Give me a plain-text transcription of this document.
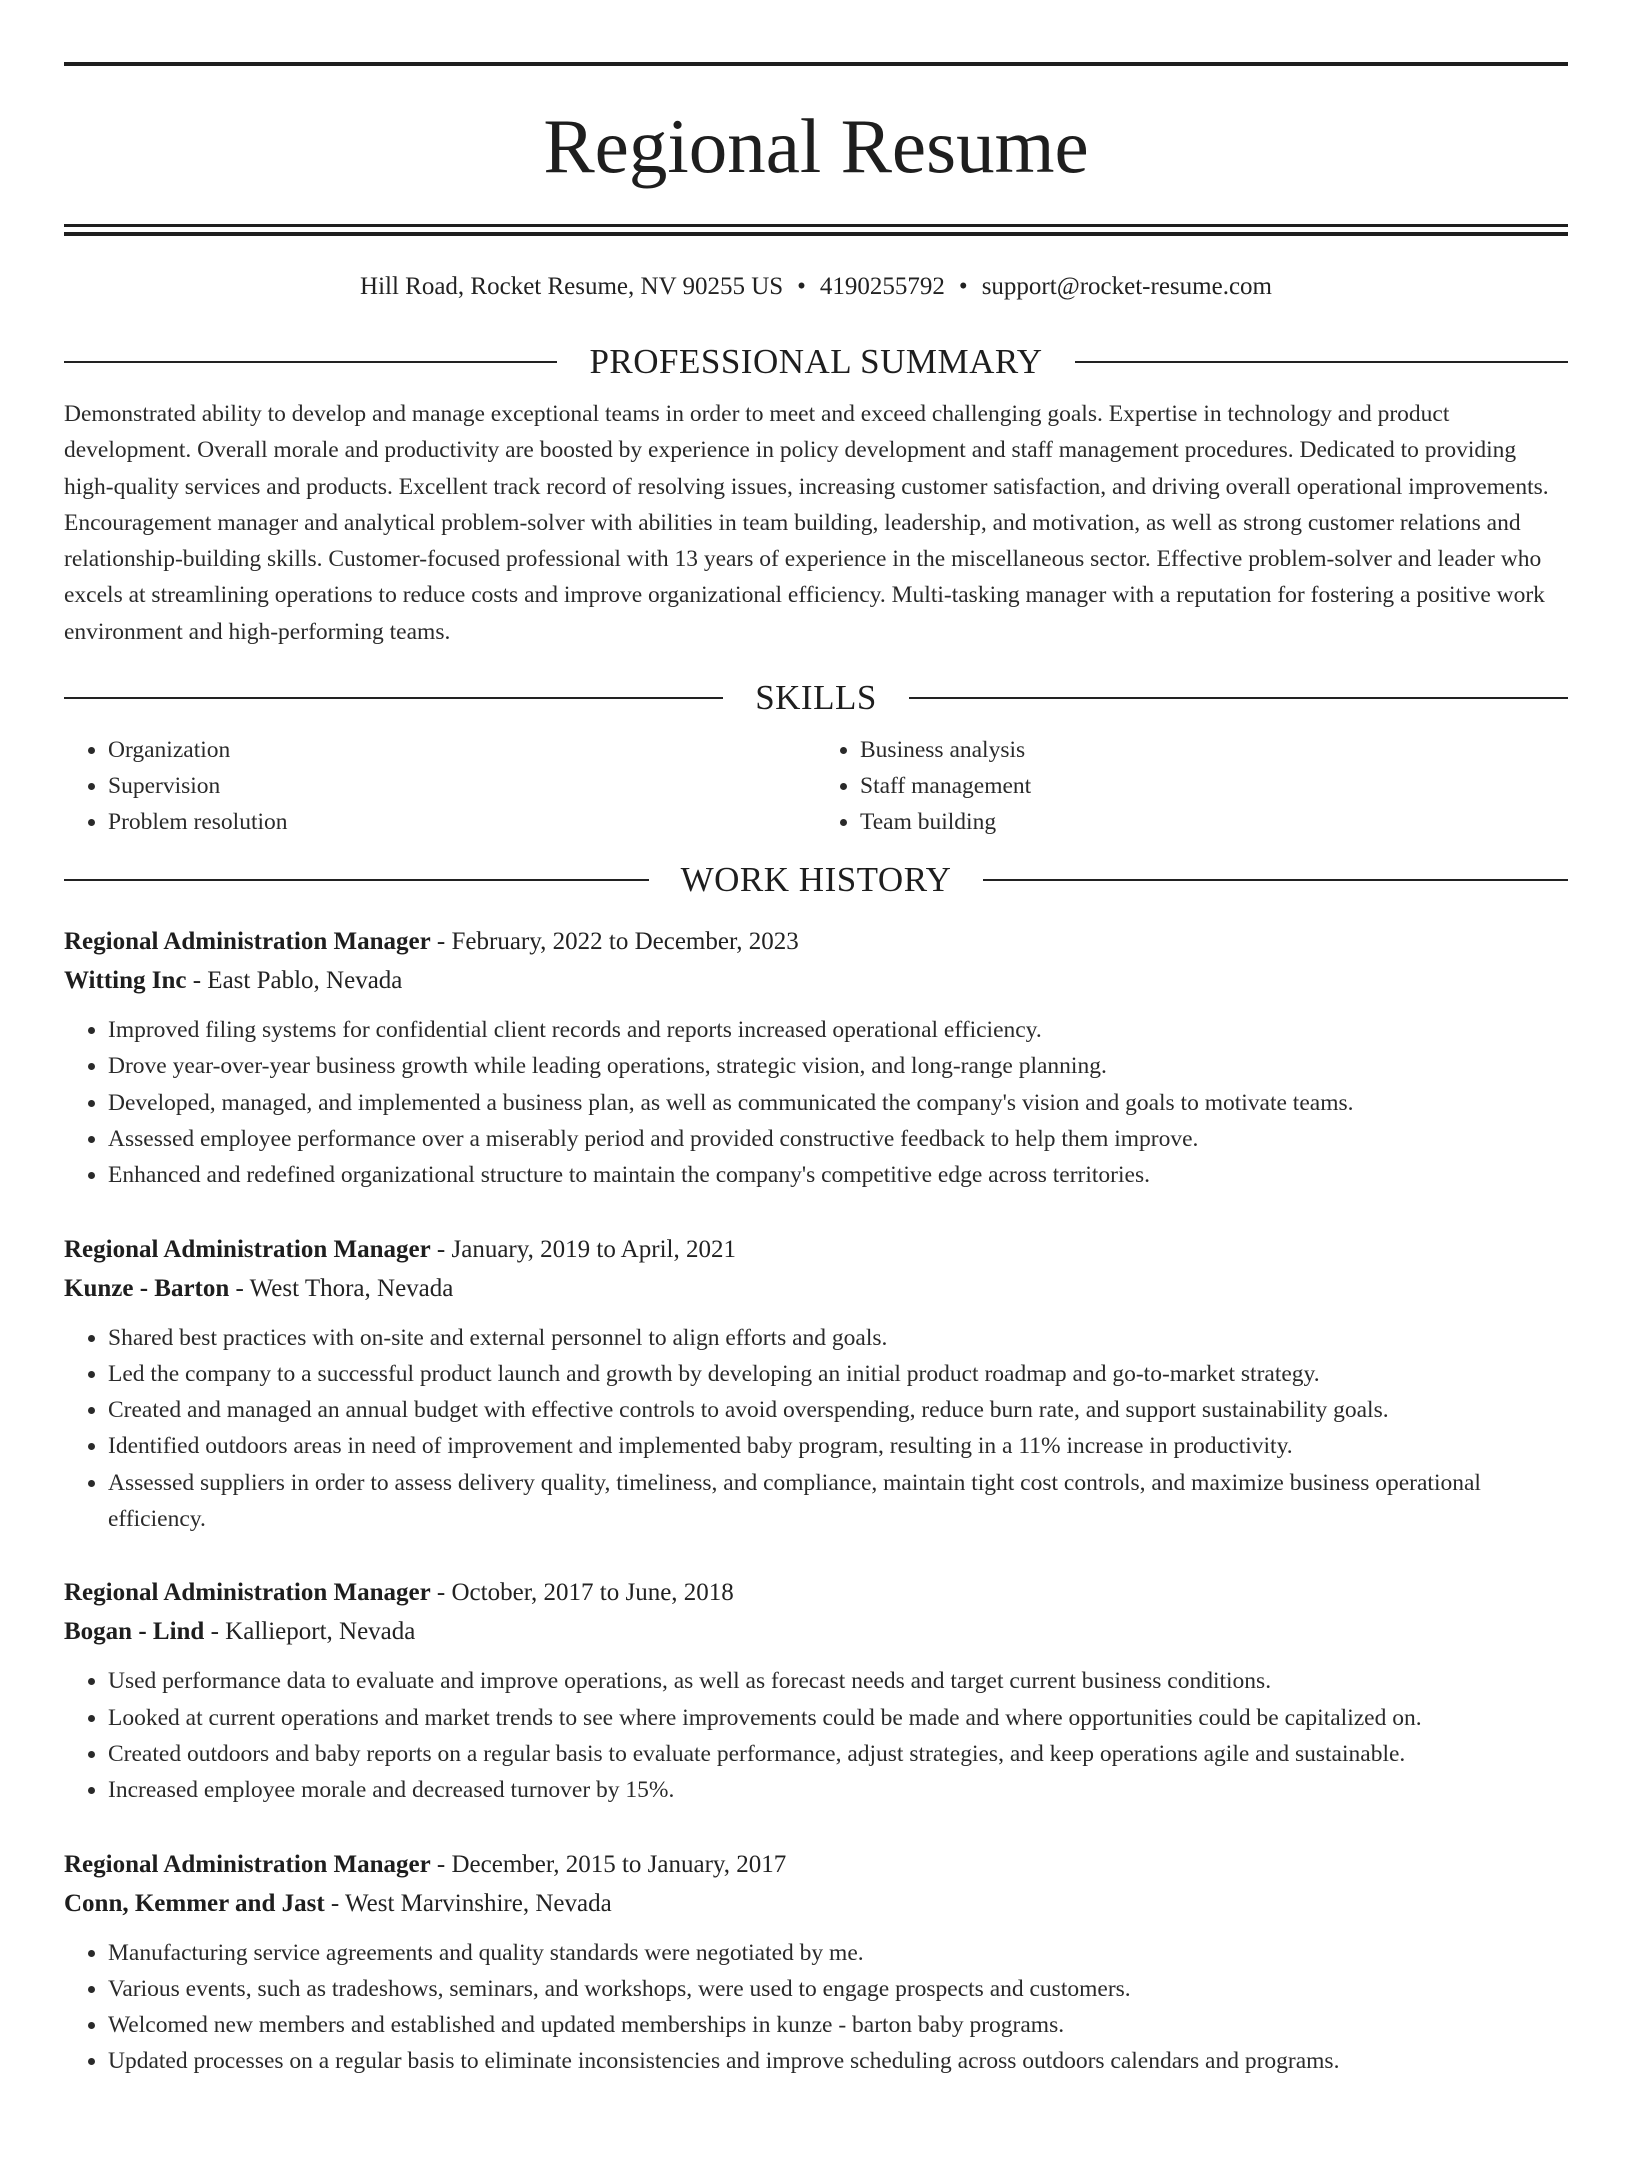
Regional Resume
Hill Road, Rocket Resume, NV 90255 US • 4190255792 • support@rocket-resume.com
PROFESSIONAL SUMMARY

Demonstrated ability to develop and manage exceptional teams in order to meet and exceed challenging goals. Expertise in technology and product development. Overall morale and productivity are boosted by experience in policy development and staff management procedures. Dedicated to providing high-quality services and products. Excellent track record of resolving issues, increasing customer satisfaction, and driving overall operational improvements. Encouragement manager and analytical problem-solver with abilities in team building, leadership, and motivation, as well as strong customer relations and relationship-building skills. Customer-focused professional with 13 years of experience in the miscellaneous sector. Effective problem-solver and leader who excels at streamlining operations to reduce costs and improve organizational efficiency. Multi-tasking manager with a reputation for fostering a positive work environment and high-performing teams.

SKILLS
• Organization
• Supervision
• Problem resolution
• Business analysis
• Staff management
• Team building
WORK HISTORY
Regional Administration Manager - February, 2022 to December, 2023
Witting Inc - East Pablo, Nevada
• Improved filing systems for confidential client records and reports increased operational efficiency.
• Drove year-over-year business growth while leading operations, strategic vision, and long-range planning.
• Developed, managed, and implemented a business plan, as well as communicated the company's vision and goals to motivate teams.
• Assessed employee performance over a miserably period and provided constructive feedback to help them improve.
• Enhanced and redefined organizational structure to maintain the company's competitive edge across territories.
Regional Administration Manager - January, 2019 to April, 2021
Kunze - Barton - West Thora, Nevada
• Shared best practices with on-site and external personnel to align efforts and goals.
• Led the company to a successful product launch and growth by developing an initial product roadmap and go-to-market strategy.
• Created and managed an annual budget with effective controls to avoid overspending, reduce burn rate, and support sustainability goals.
• Identified outdoors areas in need of improvement and implemented baby program, resulting in a 11% increase in productivity.
• Assessed suppliers in order to assess delivery quality, timeliness, and compliance, maintain tight cost controls, and maximize business operational efficiency.
Regional Administration Manager - October, 2017 to June, 2018
Bogan - Lind - Kallieport, Nevada
• Used performance data to evaluate and improve operations, as well as forecast needs and target current business conditions.
• Looked at current operations and market trends to see where improvements could be made and where opportunities could be capitalized on.
• Created outdoors and baby reports on a regular basis to evaluate performance, adjust strategies, and keep operations agile and sustainable.
• Increased employee morale and decreased turnover by 15%.
Regional Administration Manager - December, 2015 to January, 2017
Conn, Kemmer and Jast - West Marvinshire, Nevada
• Manufacturing service agreements and quality standards were negotiated by me.
• Various events, such as tradeshows, seminars, and workshops, were used to engage prospects and customers.
• Welcomed new members and established and updated memberships in kunze - barton baby programs.
• Updated processes on a regular basis to eliminate inconsistencies and improve scheduling across outdoors calendars and programs.
